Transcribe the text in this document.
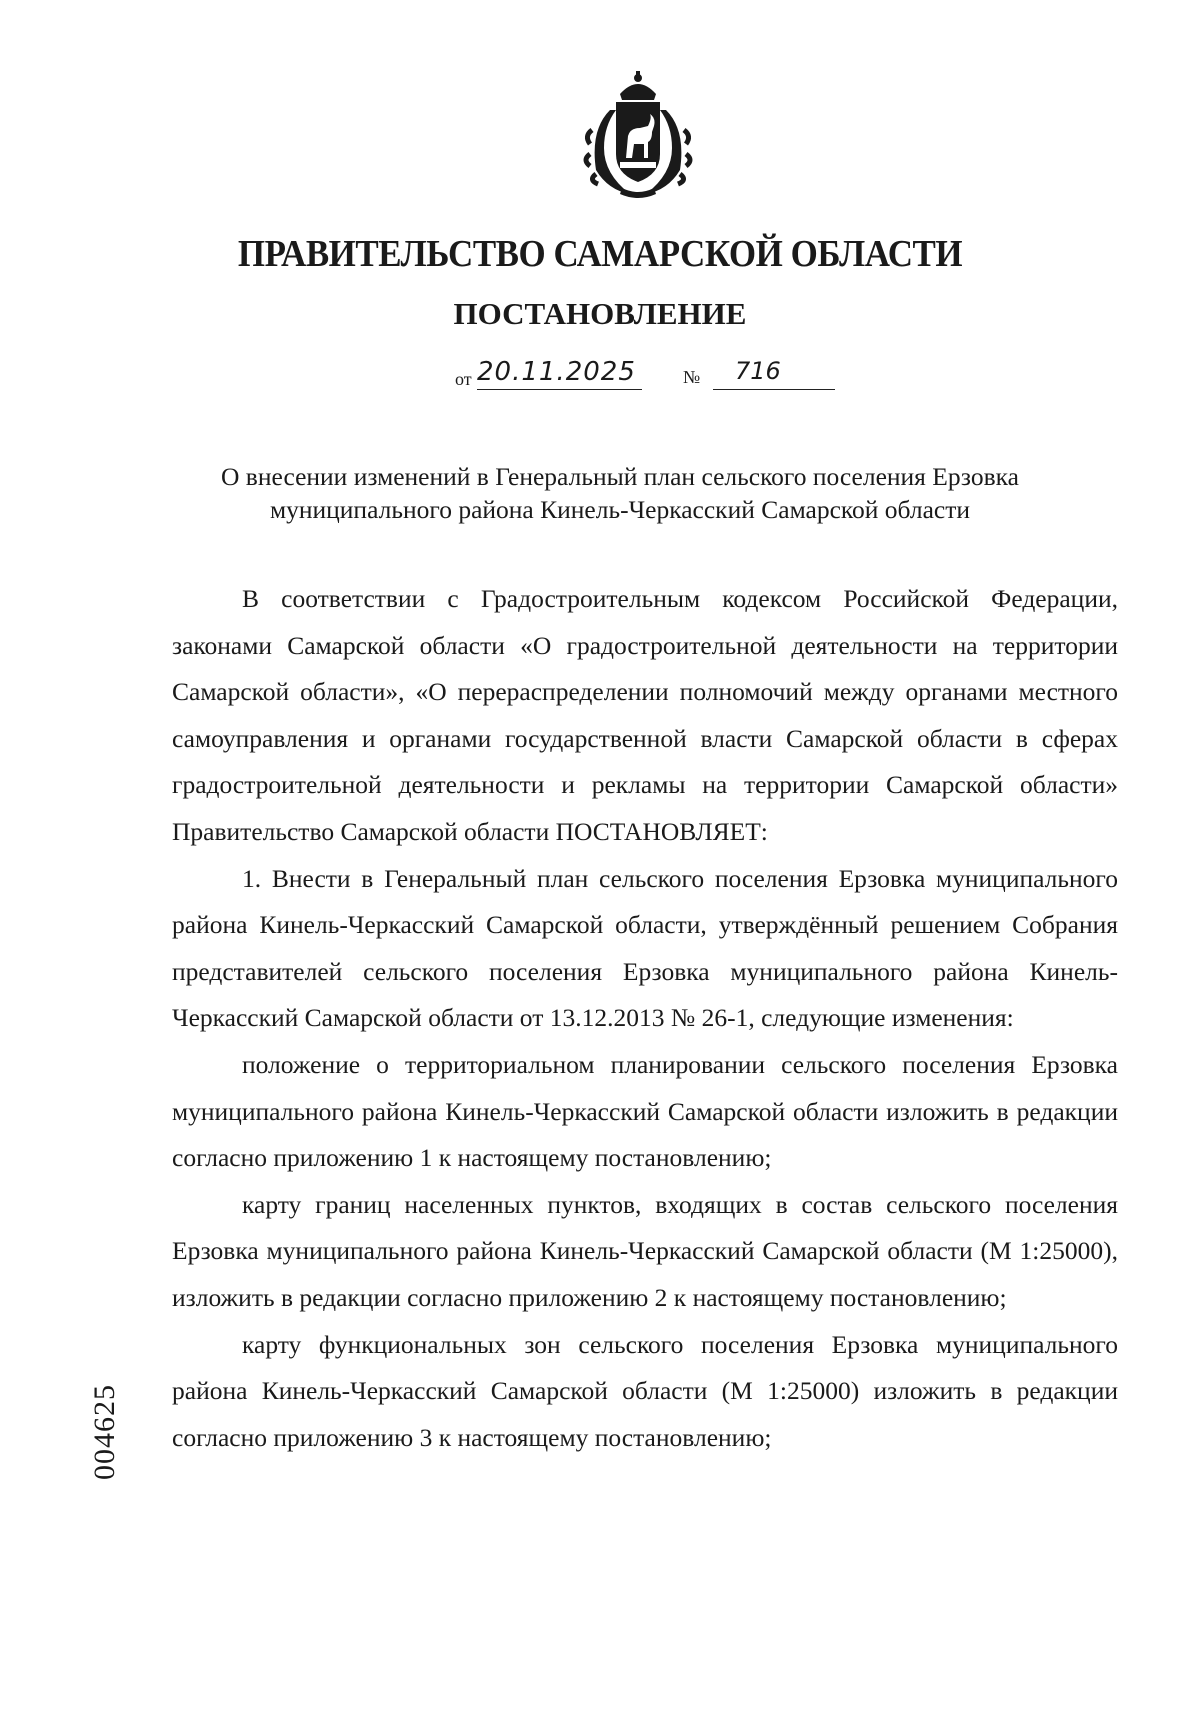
ПРАВИТЕЛЬСТВО САМАРСКОЙ ОБЛАСТИ
ПОСТАНОВЛЕНИЕ
от 20.11.2025	№ 716
О внесении изменений в Генеральный план сельского поселения Ерзовка
муниципального района Кинель-Черкасский Самарской области

В соответствии с Градостроительным кодексом Российской Федерации, законами Самарской области «О градостроительной деятельности на территории Самарской области», «О перераспределении полномочий между органами местного самоуправления и органами государственной власти Самарской области в сферах градостроительной деятельности и рекламы на территории Самарской области» Правительство Самарской области ПОСТАНОВЛЯЕТ:

1. Внести в Генеральный план сельского поселения Ерзовка муниципального района Кинель-Черкасский Самарской области, утверждённый решением Собрания представителей сельского поселения Ерзовка муниципального района Кинель-Черкасский Самарской области от 13.12.2013 № 26-1, следующие изменения:

положение о территориальном планировании сельского поселения Ерзовка муниципального района Кинель-Черкасский Самарской области изложить в редакции согласно приложению 1 к настоящему постановлению;

карту границ населенных пунктов, входящих в состав сельского поселения Ерзовка муниципального района Кинель-Черкасский Самарской области (М 1:25000), изложить в редакции согласно приложению 2 к настоящему постановлению;

карту функциональных зон сельского поселения Ерзовка муниципального района Кинель-Черкасский Самарской области (М 1:25000) изложить в редакции согласно приложению 3 к настоящему постановлению;

004625
